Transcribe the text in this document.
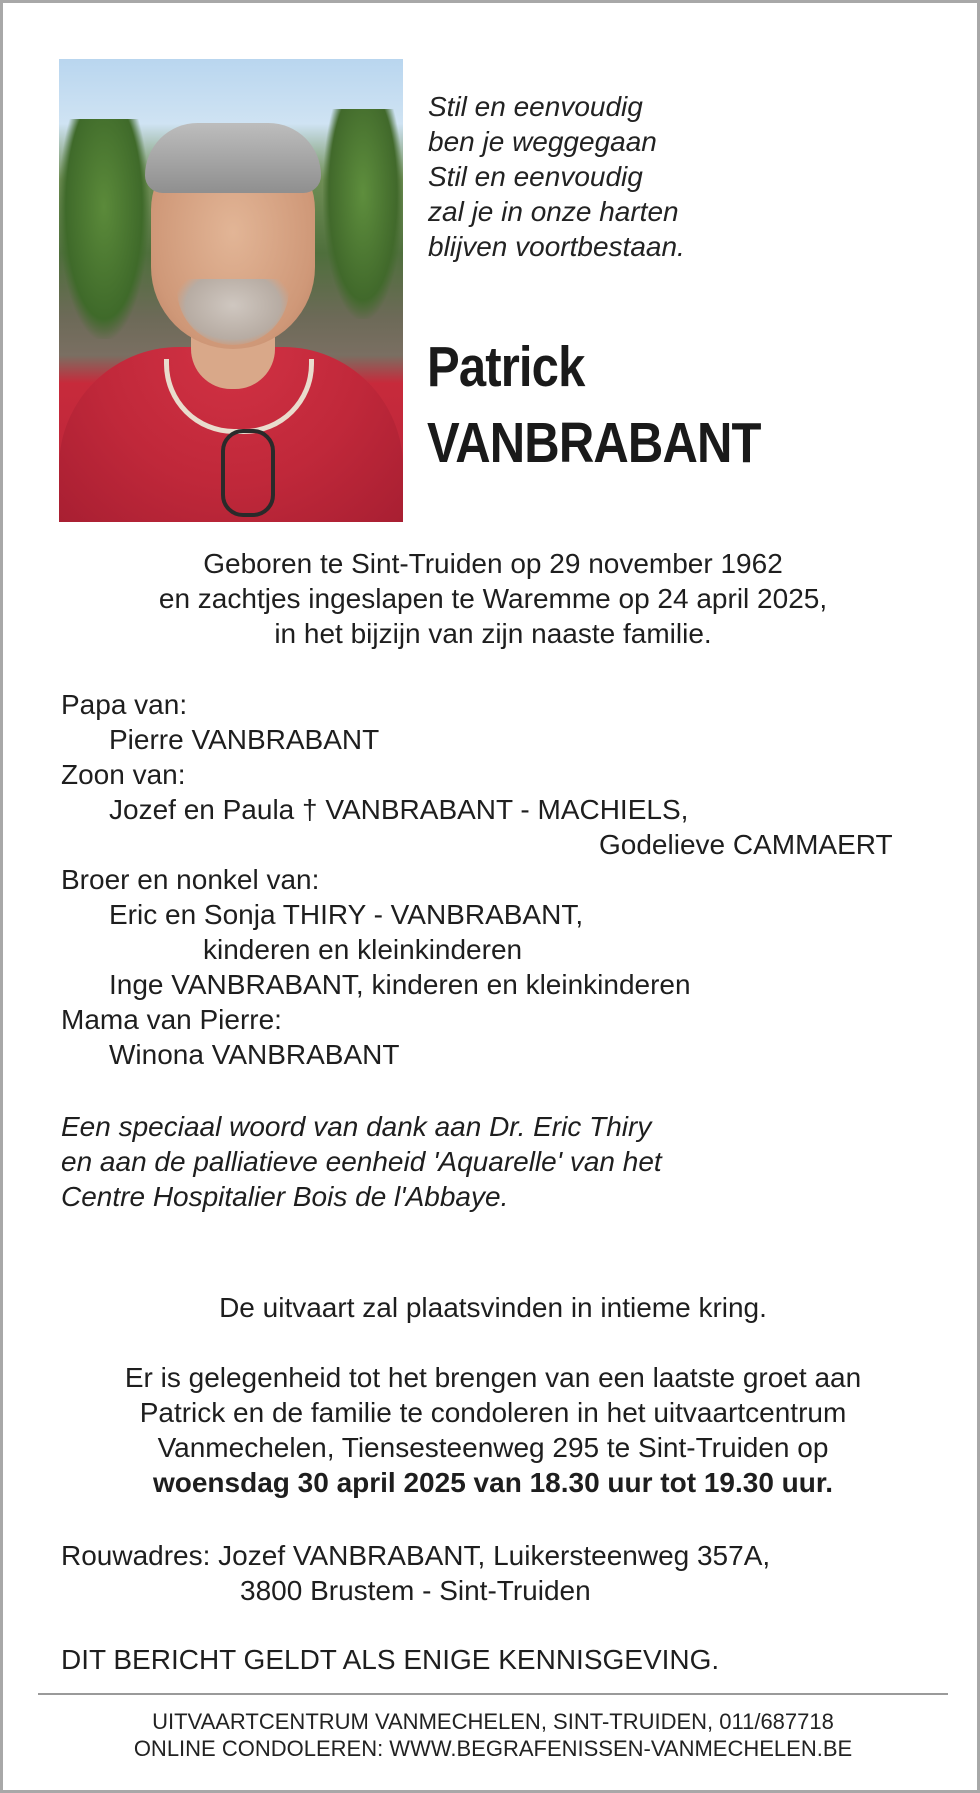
Stil en eenvoudig
ben je weggegaan
Stil en eenvoudig
zal je in onze harten
blijven voortbestaan.
Patrick
VANBRABANT
Geboren te Sint-Truiden op 29 november 1962
en zachtjes ingeslapen te Waremme op 24 april 2025,
in het bijzijn van zijn naaste familie.
Papa van:
Pierre VANBRABANT
Zoon van:
Jozef en Paula † VANBRABANT - MACHIELS,
Godelieve CAMMAERT
Broer en nonkel van:
Eric en Sonja THIRY - VANBRABANT,
kinderen en kleinkinderen
Inge VANBRABANT, kinderen en kleinkinderen
Mama van Pierre:
Winona VANBRABANT
Een speciaal woord van dank aan Dr. Eric Thiry
en aan de palliatieve eenheid 'Aquarelle' van het
Centre Hospitalier Bois de l'Abbaye.
De uitvaart zal plaatsvinden in intieme kring.
Er is gelegenheid tot het brengen van een laatste groet aan
Patrick en de familie te condoleren in het uitvaartcentrum
Vanmechelen, Tiensesteenweg 295 te Sint-Truiden op
woensdag 30 april 2025 van 18.30 uur tot 19.30 uur.
Rouwadres: Jozef VANBRABANT, Luikersteenweg 357A,
3800 Brustem - Sint-Truiden
DIT BERICHT GELDT ALS ENIGE KENNISGEVING.
UITVAARTCENTRUM VANMECHELEN, SINT-TRUIDEN, 011/687718
ONLINE CONDOLEREN: WWW.BEGRAFENISSEN-VANMECHELEN.BE
